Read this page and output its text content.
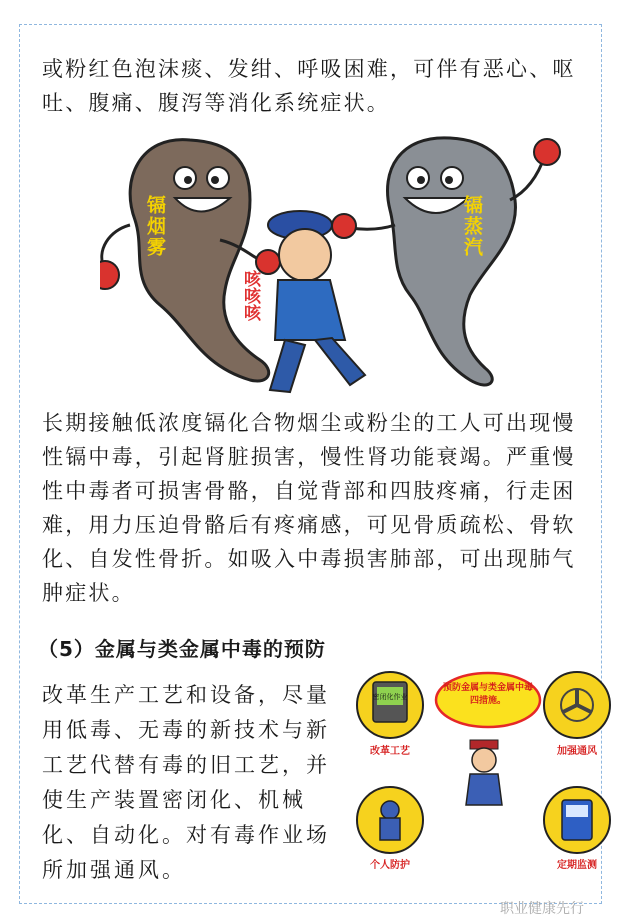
或粉红色泡沫痰、发绀、呼吸困难，可伴有恶心、呕吐、腹痛、腹泻等消化系统症状。

镉烟雾	镉蒸汽
咳咳咳

长期接触低浓度镉化合物烟尘或粉尘的工人可出现慢性镉中毒，引起肾脏损害，慢性肾功能衰竭。严重慢性中毒者可损害骨骼，自觉背部和四肢疼痛，行走困难，用力压迫骨骼后有疼痛感，可见骨质疏松、骨软化、自发性骨折。如吸入中毒损害肺部，可出现肺气肿症状。

（5）金属与类金属中毒的预防

改革生产工艺和设备，尽量用低毒、无毒的新技术与新工艺代替有毒的旧工艺，并使生产装置密闭化、机械化、自动化。对有毒作业场所加强通风。

密闭化作业
改革工艺
预防金属与类金属中毒四措施。
加强通风
个人防护	定期监测
职业健康先行
